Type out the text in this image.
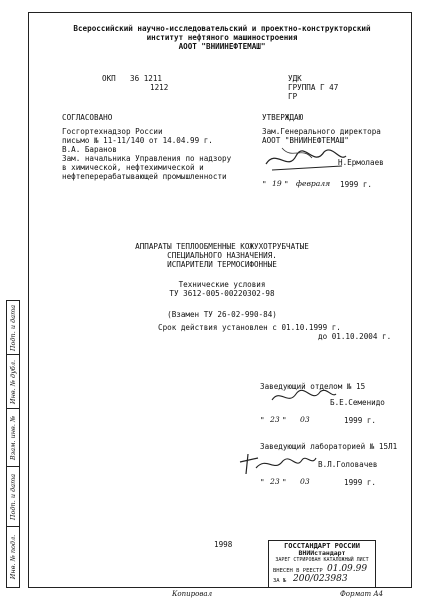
Подп. и дата
Инв. № дубл.
Взам. инв. №
Подп. и дата
Инв. № подл.
Всероссийский научно-исследовательский и проектно-конструкторский
институт нефтяного машиностроения
АООТ "ВНИИНЕФТЕМАШ"
ОКП 36 1211
1212
УДК
ГРУППА Г 47
ГР
СОГЛАСОВАНО
Госгортехнадзор России
письмо № 11-11/140 от 14.04.99 г.
В.А. Баранов
Зам. начальника Управления по надзору
в химической, нефтехимической и
нефтеперерабатывающей промышленности
УТВЕРЖДАЮ
Зам.Генерального директора
АООТ "ВНИИНЕФТЕМАШ"
Н.Ермолаев
" 19 " февраля 1999 г.
АППАРАТЫ ТЕПЛООБМЕННЫЕ КОЖУХОТРУБЧАТЫЕ
СПЕЦИАЛЬНОГО НАЗНАЧЕНИЯ.
ИСПАРИТЕЛИ ТЕРМОСИФОННЫЕ
Технические условия
ТУ 3612-005-00220302-98
(Взамен ТУ 26-02-990-84)
Срок действия установлен с 01.10.1999 г.
до 01.10.2004 г.
Заведующий отделом № 15
Б.Е.Семенидо
" 23 " 03	1999 г.
Заведующий лабораторией № 15Л1
В.Л.Головачев
" 23 " 03	1999 г.
1998	ГОССТАНДАРТ РОССИИ
ВНИИстандарт
ЗАРЕГ СТРИРОВАН КАТАЛОЖНЫЙ ЛИСТ
ВНЕСЕН В РЕЕСТР 01.09.99
ЗА № 200/023983
Копировал	Формат А4
